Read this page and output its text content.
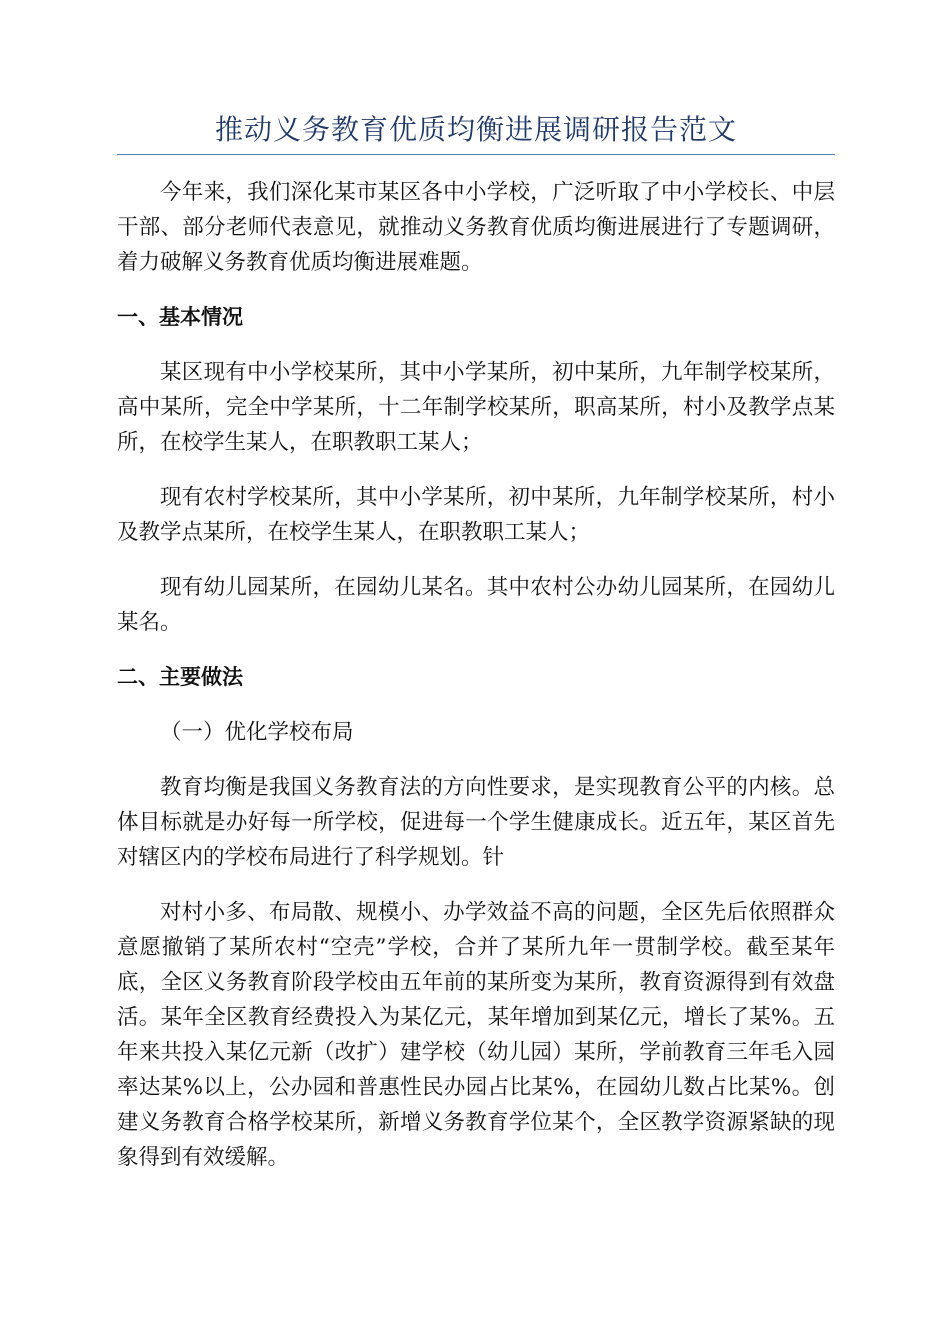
推动义务教育优质均衡进展调研报告范文

今年来，我们深化某市某区各中小学校，广泛听取了中小学校长、中层干部、部分老师代表意见，就推动义务教育优质均衡进展进行了专题调研，着力破解义务教育优质均衡进展难题。

一、基本情况

某区现有中小学校某所，其中小学某所，初中某所，九年制学校某所，高中某所，完全中学某所，十二年制学校某所，职高某所，村小及教学点某所，在校学生某人，在职教职工某人；

现有农村学校某所，其中小学某所，初中某所，九年制学校某所，村小及教学点某所，在校学生某人，在职教职工某人；

现有幼儿园某所，在园幼儿某名。其中农村公办幼儿园某所，在园幼儿某名。

二、主要做法

（一）优化学校布局

教育均衡是我国义务教育法的方向性要求，是实现教育公平的内核。总体目标就是办好每一所学校，促进每一个学生健康成长。近五年，某区首先对辖区内的学校布局进行了科学规划。针

对村小多、布局散、规模小、办学效益不高的问题，全区先后依照群众意愿撤销了某所农村“空壳”学校，合并了某所九年一贯制学校。截至某年底，全区义务教育阶段学校由五年前的某所变为某所，教育资源得到有效盘活。某年全区教育经费投入为某亿元，某年增加到某亿元，增长了某%。五年来共投入某亿元新（改扩）建学校（幼儿园）某所，学前教育三年毛入园率达某%以上，公办园和普惠性民办园占比某%，在园幼儿数占比某%。创建义务教育合格学校某所，新增义务教育学位某个，全区教学资源紧缺的现象得到有效缓解。
